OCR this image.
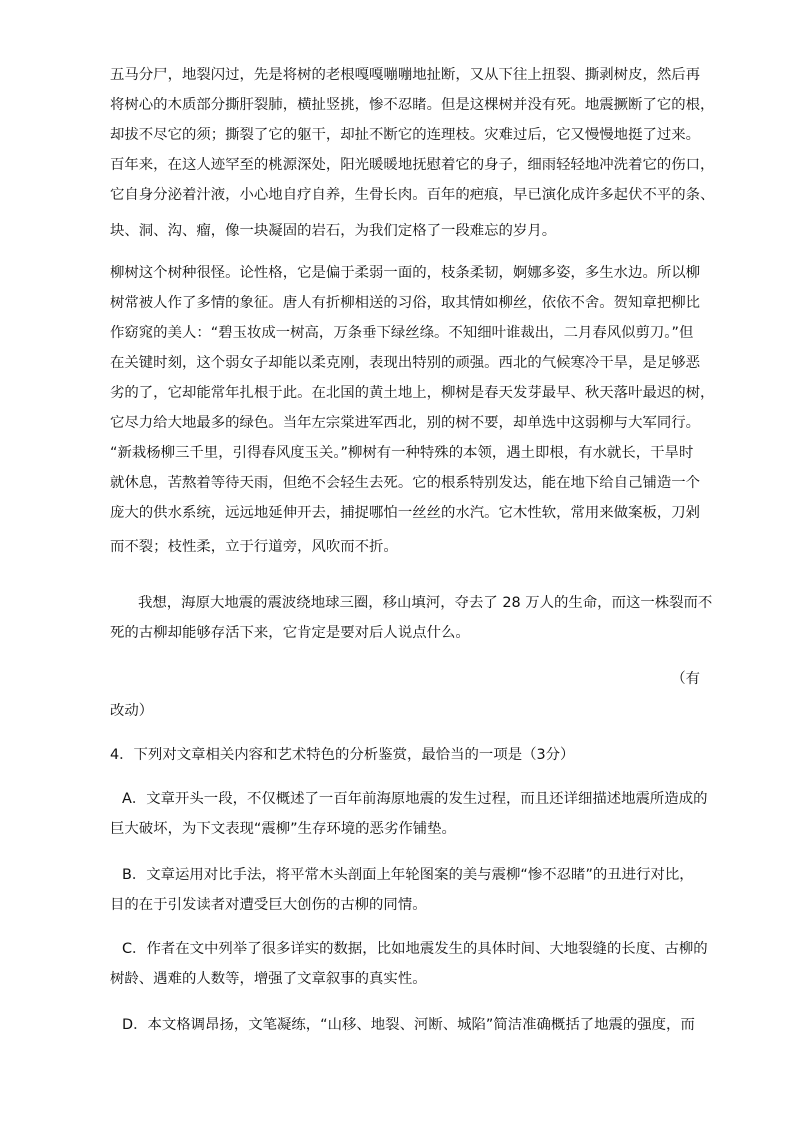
五马分尸，地裂闪过，先是将树的老根嘎嘎嘣嘣地扯断，又从下往上扭裂、撕剥树皮，然后再
将树心的木质部分撕肝裂肺，横扯竖挑，惨不忍睹。但是这棵树并没有死。地震撅断了它的根，
却拔不尽它的须；撕裂了它的躯干，却扯不断它的连理枝。灾难过后，它又慢慢地挺了过来。
百年来，在这人迹罕至的桃源深处，阳光暖暖地抚慰着它的身子，细雨轻轻地冲洗着它的伤口，
它自身分泌着汁液，小心地自疗自养，生骨长肉。百年的疤痕，早已演化成许多起伏不平的条、
块、洞、沟、瘤，像一块凝固的岩石，为我们定格了一段难忘的岁月。
柳树这个树种很怪。论性格，它是偏于柔弱一面的，枝条柔韧，婀娜多姿，多生水边。所以柳
树常被人作了多情的象征。唐人有折柳相送的习俗，取其情如柳丝，依依不舍。贺知章把柳比
作窈窕的美人：“碧玉妆成一树高，万条垂下绿丝绦。不知细叶谁裁出，二月春风似剪刀。”但
在关键时刻，这个弱女子却能以柔克刚，表现出特别的顽强。西北的气候寒冷干旱，是足够恶
劣的了，它却能常年扎根于此。在北国的黄土地上，柳树是春天发芽最早、秋天落叶最迟的树，
它尽力给大地最多的绿色。当年左宗棠进军西北，别的树不要，却单选中这弱柳与大军同行。
“新栽杨柳三千里，引得春风度玉关。”柳树有一种特殊的本领，遇土即根，有水就长，干旱时
就休息，苦熬着等待天雨，但绝不会轻生去死。它的根系特别发达，能在地下给自己铺造一个
庞大的供水系统，远远地延伸开去，捕捉哪怕一丝丝的水汽。它木性软，常用来做案板，刀剁
而不裂；枝性柔，立于行道旁，风吹而不折。
我想，海原大地震的震波绕地球三圈，移山填河，夺去了 28 万人的生命，而这一株裂而不
死的古柳却能够存活下来，它肯定是要对后人说点什么。
（有
改动）
4．下列对文章相关内容和艺术特色的分析鉴赏，最恰当的一项是（3分）
A．文章开头一段，不仅概述了一百年前海原地震的发生过程，而且还详细描述地震所造成的
巨大破坏，为下文表现“震柳”生存环境的恶劣作铺垫。
B．文章运用对比手法，将平常木头剖面上年轮图案的美与震柳“惨不忍睹”的丑进行对比，
目的在于引发读者对遭受巨大创伤的古柳的同情。
C．作者在文中列举了很多详实的数据，比如地震发生的具体时间、大地裂缝的长度、古柳的
树龄、遇难的人数等，增强了文章叙事的真实性。
D．本文格调昂扬，文笔凝练，“山移、地裂、河断、城陷”简洁准确概括了地震的强度，而
